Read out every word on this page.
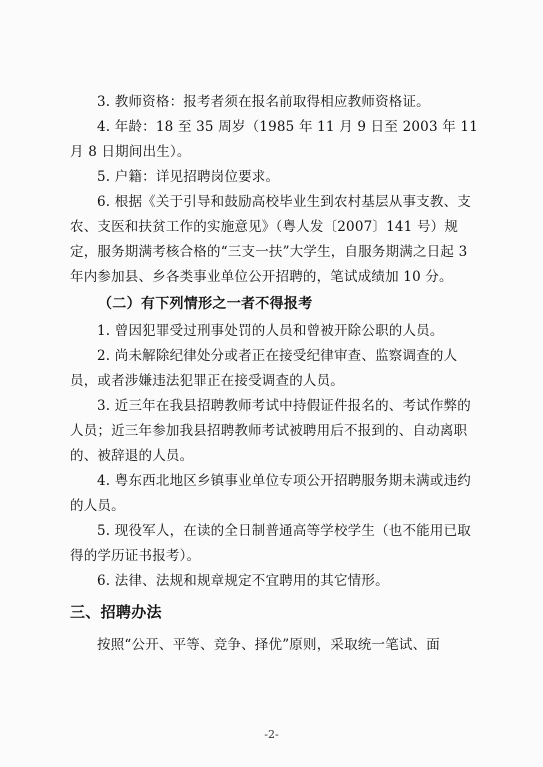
3. 教师资格：报考者须在报名前取得相应教师资格证。

4. 年龄：18 至 35 周岁（1985 年 11 月 9 日至 2003 年 11 月 8 日期间出生）。

5. 户籍：详见招聘岗位要求。

6. 根据《关于引导和鼓励高校毕业生到农村基层从事支教、支农、支医和扶贫工作的实施意见》（粤人发〔2007〕141 号）规定，服务期满考核合格的“三支一扶”大学生，自服务期满之日起 3 年内参加县、乡各类事业单位公开招聘的，笔试成绩加 10 分。

（二）有下列情形之一者不得报考

1. 曾因犯罪受过刑事处罚的人员和曾被开除公职的人员。

2. 尚未解除纪律处分或者正在接受纪律审查、监察调查的人员，或者涉嫌违法犯罪正在接受调查的人员。

3. 近三年在我县招聘教师考试中持假证件报名的、考试作弊的人员；近三年参加我县招聘教师考试被聘用后不报到的、自动离职的、被辞退的人员。

4. 粤东西北地区乡镇事业单位专项公开招聘服务期未满或违约的人员。

5. 现役军人，在读的全日制普通高等学校学生（也不能用已取得的学历证书报考）。

6. 法律、法规和规章规定不宜聘用的其它情形。

三、招聘办法

按照“公开、平等、竞争、择优”原则，采取统一笔试、面

-2-
